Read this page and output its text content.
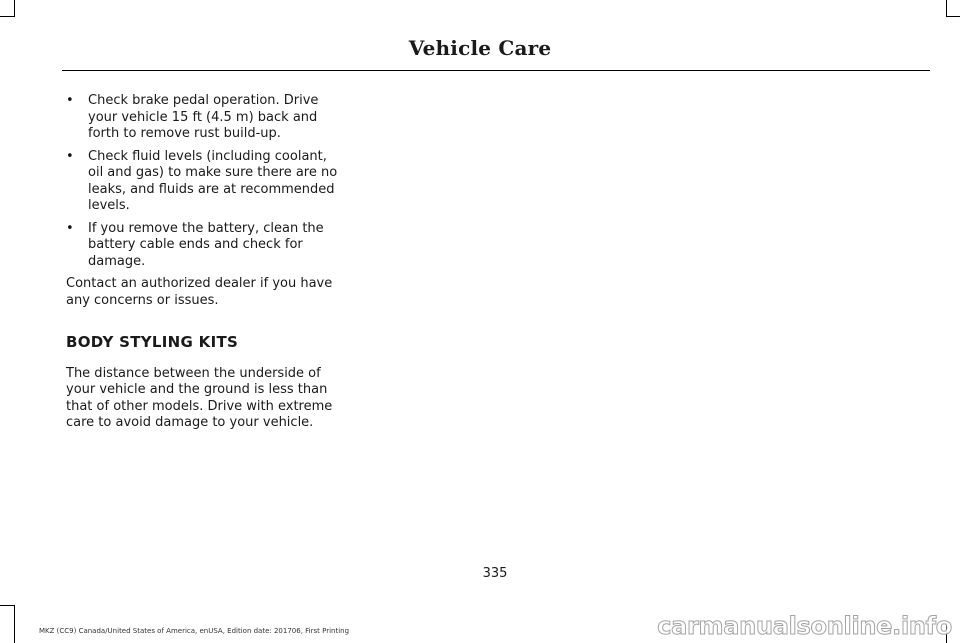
Vehicle Care
• Check brake pedal operation. Drive your vehicle 15 ft (4.5 m) back and forth to remove rust build-up.
• Check fluid levels (including coolant, oil and gas) to make sure there are no leaks, and fluids are at recommended levels.
• If you remove the battery, clean the battery cable ends and check for damage.

Contact an authorized dealer if you have any concerns or issues.

BODY STYLING KITS

The distance between the underside of your vehicle and the ground is less than that of other models. Drive with extreme care to avoid damage to your vehicle.

335
MKZ (CC9) Canada/United States of America, enUSA, Edition date: 201706, First Printing	carmanualsonline.info
